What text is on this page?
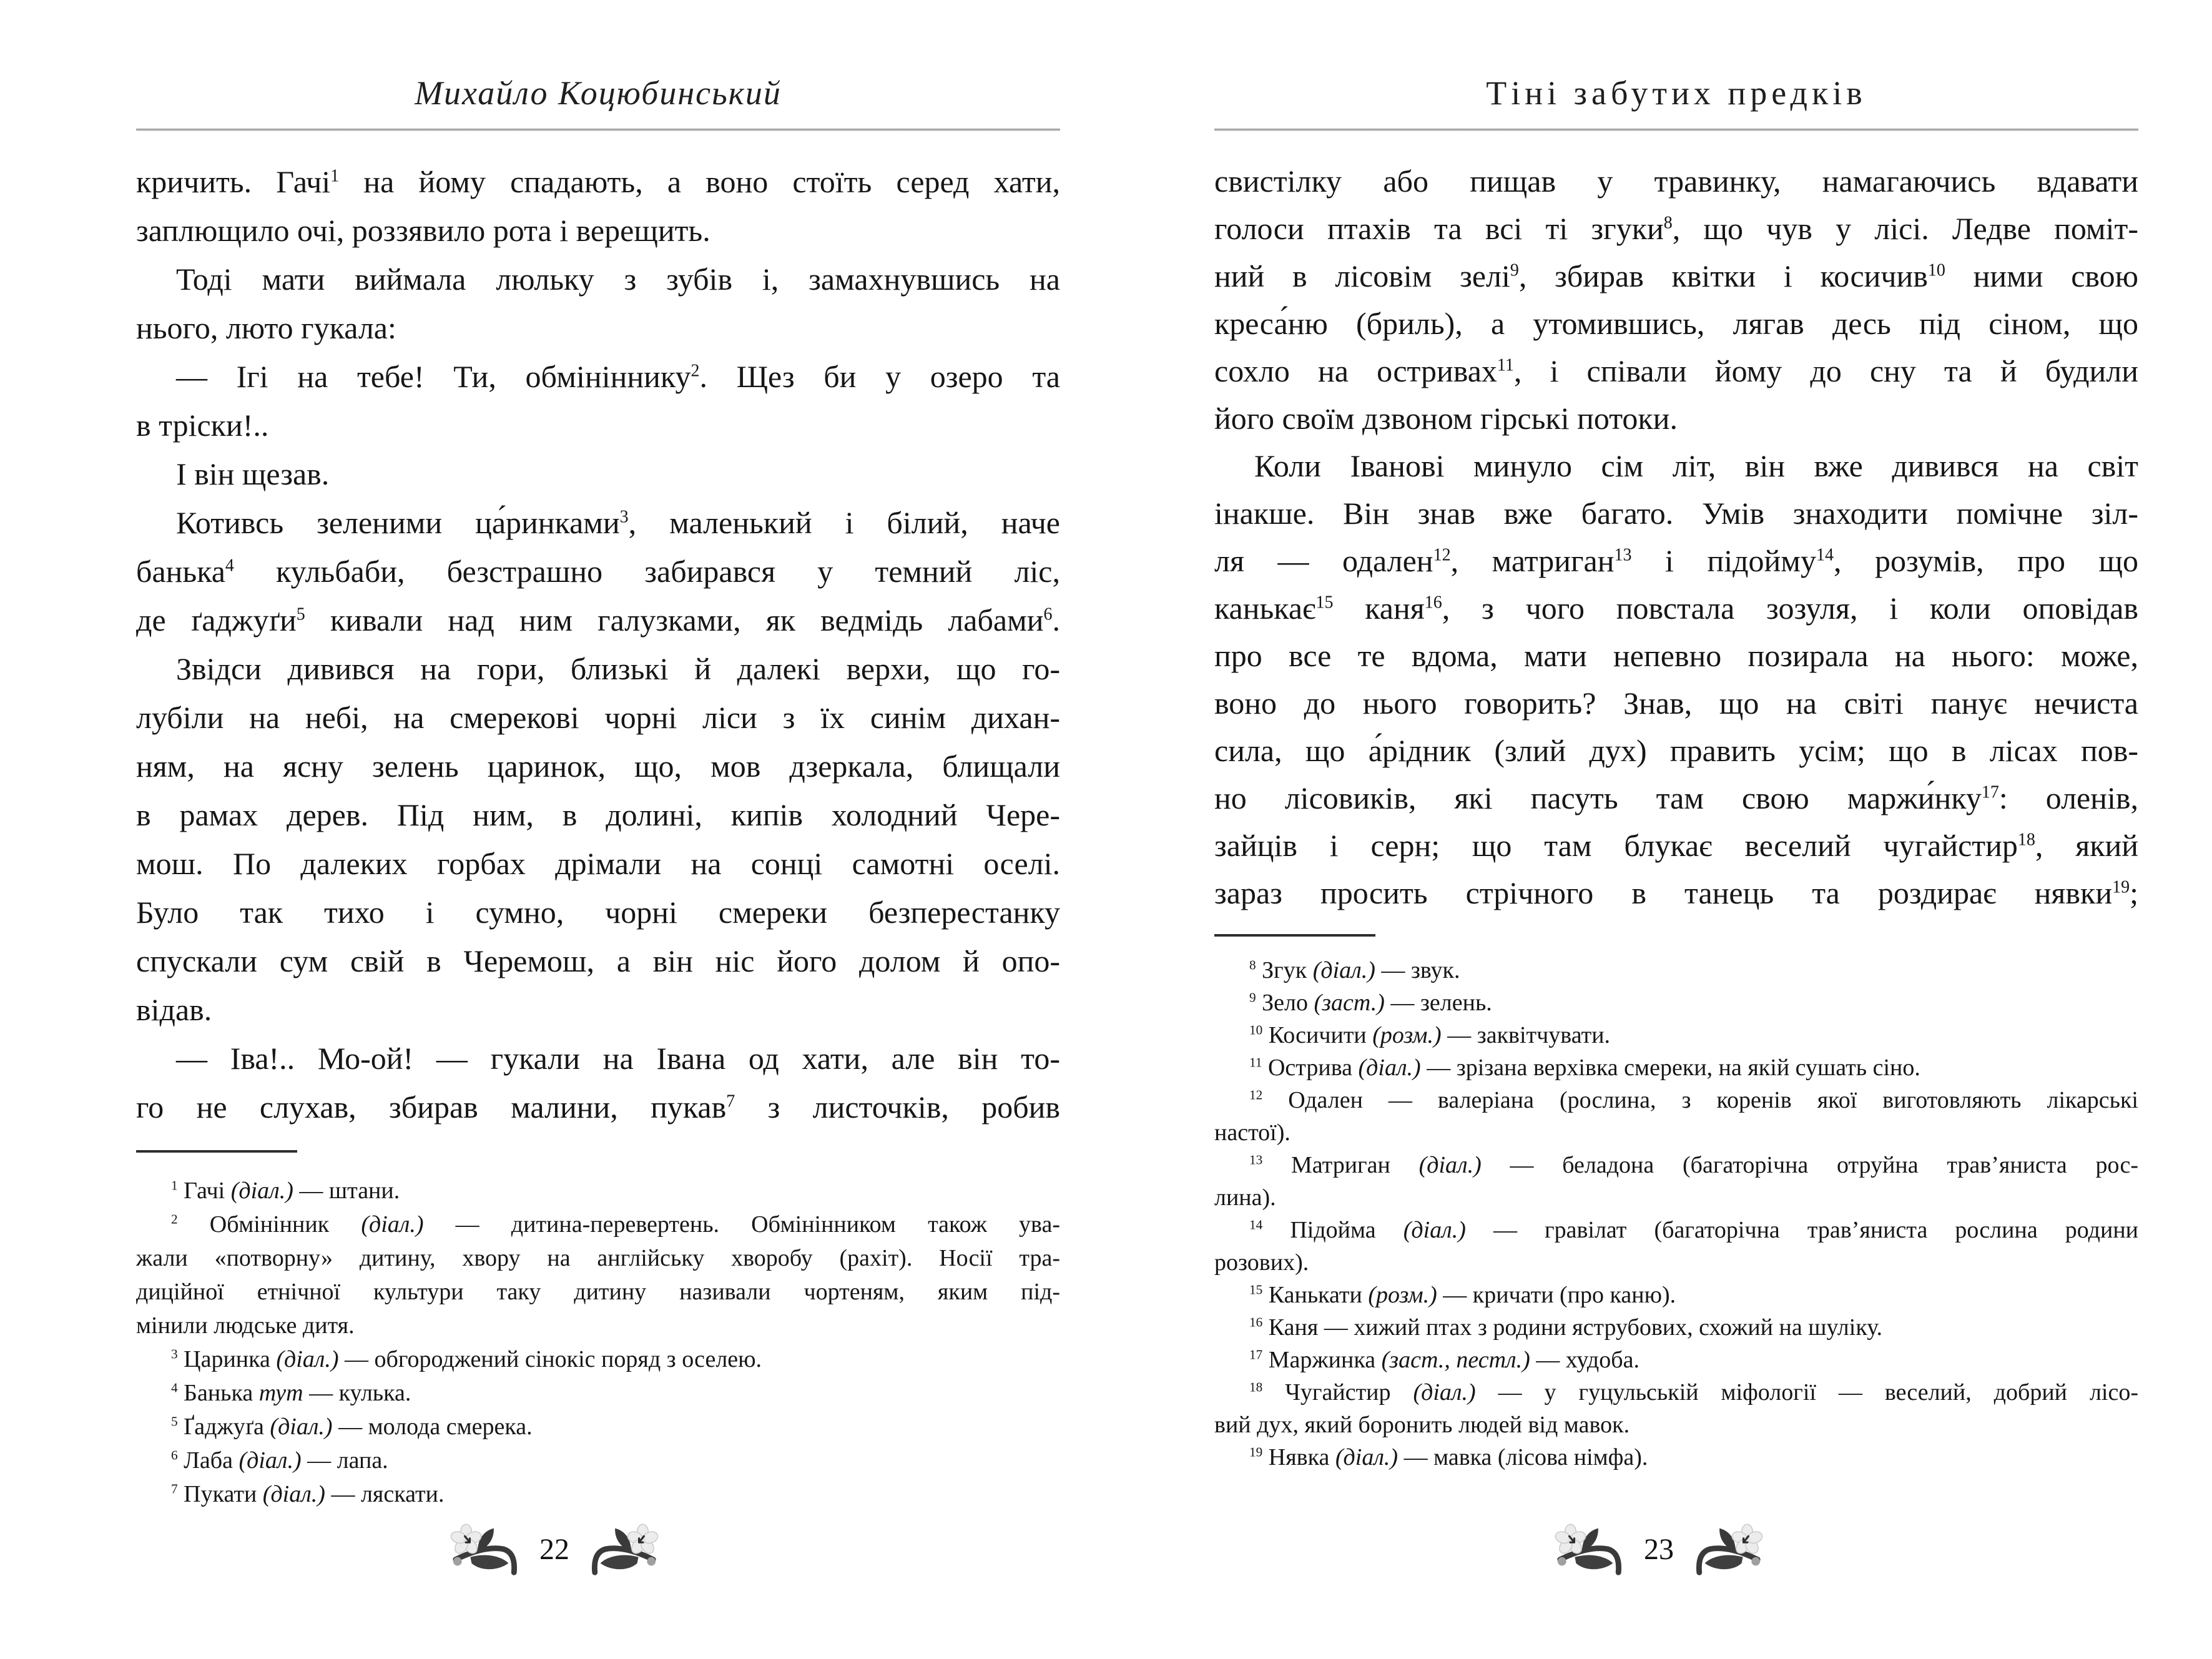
Михайло Коцюбинський	Тіні забутих предків
кричить. Гачі$^1$ на йому спадають, а воно стоїть серед хати,
заплющило очі, роззявило рота і верещить.
Тоді мати виймала люльку з зубів і, замахнувшись на
нього, люто гукала:
— Ігі на тебе! Ти, обмініннику$^2$. Щез би у озеро та
в тріски!..
І він щезав.
Котивсь зеленими ца́ринками$^3$, маленький і білий, наче
банька$^4$ кульбаби, безстрашно забирався у темний ліс,
де ґаджуґи$^5$ кивали над ним галузками, як ведмідь лабами$^6$.
Звідси дивився на гори, близькі й далекі верхи, що го-
лубіли на небі, на смерекові чорні ліси з їх синім дихан-
ням, на ясну зелень царинок, що, мов дзеркала, блищали
в рамах дерев. Під ним, в долині, кипів холодний Чере-
мош. По далеких горбах дрімали на сонці самотні оселі.
Було так тихо і сумно, чорні смереки безперестанку
спускали сум свій в Черемош, а він ніс його долом й опо-
відав.
— Іва!.. Мо-ой! — гукали на Івана од хати, але він то-
го не слухав, збирав малини, пукав$^7$ з листочків, робив
свистілку або пищав у травинку, намагаючись вдавати
голоси птахів та всі ті згуки$^8$, що чув у лісі. Ледве поміт-
ний в лісовім зелі$^9$, збирав квітки і косичив$^{10}$ ними свою
креса́ню (бриль), а утомившись, лягав десь під сіном, що
сохло на остривах$^{11}$, і співали йому до сну та й будили
його своїм дзвоном гірські потоки.
Коли Іванові минуло сім літ, він вже дивився на світ
інакше. Він знав вже багато. Умів знаходити помічне зіл-
ля — одален$^{12}$, матриган$^{13}$ і підойму$^{14}$, розумів, про що
канькає$^{15}$ каня$^{16}$, з чого повстала зозуля, і коли оповідав
про все те вдома, мати непевно позирала на нього: може,
воно до нього говорить? Знав, що на світі панує нечиста
сила, що а́рідник (злий дух) править усім; що в лісах пов-
но лісовиків, які пасуть там свою маржи́нку$^{17}$: оленів,
зайців і серн; що там блукає веселий чугайстир$^{18}$, який
зараз просить стрічного в танець та роздирає нявки$^{19}$;
$^1$ Гачі (діал.) — штани.
$^2$ Обмінінник (діал.) — дитина-перевертень. Обмінінником також ува-
жали «потворну» дитину, хвору на англійську хворобу (рахіт). Носії тра-
диційної етнічної культури таку дитину називали чортеням, яким під-
мінили людське дитя.
$^3$ Царинка (діал.) — обгороджений сінокіс поряд з оселею.
$^4$ Банька тут — кулька.
$^5$ Ґаджуґа (діал.) — молода смерека.
$^6$ Лаба (діал.) — лапа.
$^7$ Пукати (діал.) — ляскати.
$^8$ Згук (діал.) — звук.
$^9$ Зело (заст.) — зелень.
$^{10}$ Косичити (розм.) — заквітчувати.
$^{11}$ Острива (діал.) — зрізана верхівка смереки, на якій сушать сіно.
$^{12}$ Одален — валеріана (рослина, з коренів якої виготовляють лікарські
настої).
$^{13}$ Матриган (діал.) — беладона (багаторічна отруйна трав’яниста рос-
лина).
$^{14}$ Підойма (діал.) — гравілат (багаторічна трав’яниста рослина родини
розових).
$^{15}$ Канькати (розм.) — кричати (про каню).
$^{16}$ Каня — хижий птах з родини яструбових, схожий на шуліку.
$^{17}$ Маржинка (заст., пестл.) — худоба.
$^{18}$ Чугайстир (діал.) — у гуцульській міфології — веселий, добрий лісо-
вий дух, який боронить людей від мавок.
$^{19}$ Нявка (діал.) — мавка (лісова німфа).
22	23
